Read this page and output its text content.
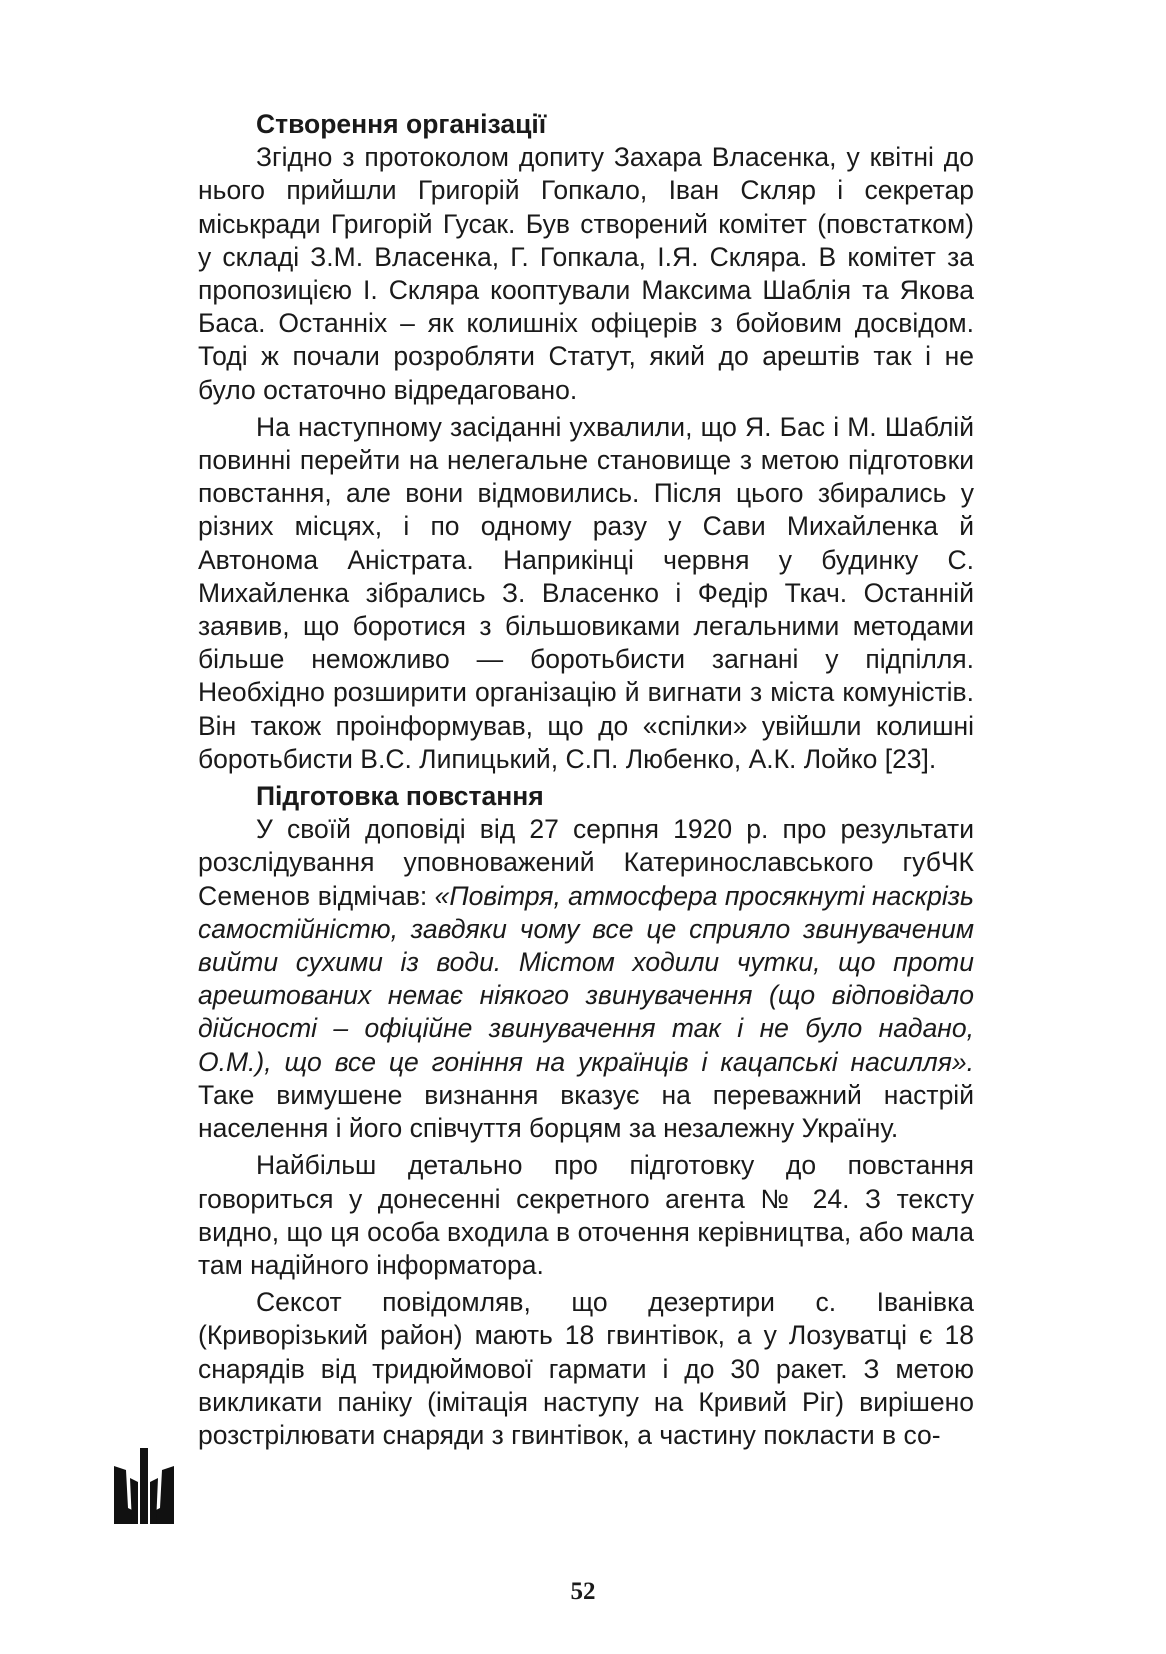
Створення організації

Згідно з протоколом допиту Захара Власенка, у квітні до нього прийшли Григорій Гопкало, Іван Скляр і секретар міськради Григорій Гусак. Був створений комітет (повстатком) у складі З.М. Власенка, Г. Гопкала, І.Я. Скляра. В комітет за пропозицією І. Скляра кооптували Максима Шаблія та Якова Баса. Останніх – як колишніх офіцерів з бойовим досвідом. Тоді ж почали розробляти Статут, який до арештів так і не було остаточно відредаговано.

На наступному засіданні ухвалили, що Я. Бас і М. Шаблій повинні перейти на нелегальне становище з метою підготовки повстання, але вони відмовились. Після цього збирались у різних місцях, і по одному разу у Сави Михайленка й Автонома Аністрата. Наприкінці червня у будинку С. Михайленка зібрались З. Власенко і Федір Ткач. Останній заявив, що боротися з більшовиками легальними методами більше неможливо — боротьбисти загнані у підпілля. Необхідно розширити організацію й вигнати з міста комуністів. Він також проінформував, що до «спілки» увійшли колишні боротьбисти В.С. Липицький, С.П. Любенко, А.К. Лойко [23].

Підготовка повстання

У своїй доповіді від 27 серпня 1920 р. про результати розслідування уповноважений Катеринославського губЧК Семенов відмічав: «Повітря, атмосфера просякнуті наскрізь самостійністю, завдяки чому все це сприяло звинуваченим вийти сухими із води. Містом ходили чутки, що проти арештованих немає ніякого звинувачення (що відповідало дійсності – офіційне звинувачення так і не було надано, О.М.), що все це гоніння на українців і кацапські насилля». Таке вимушене визнання вказує на переважний настрій населення і його співчуття борцям за незалежну Україну.

Найбільш детально про підготовку до повстання говориться у донесенні секретного агента № 24. З тексту видно, що ця особа входила в оточення керівництва, або мала там надійного інформатора.

Сексот повідомляв, що дезертири с. Іванівка (Криворізький район) мають 18 гвинтівок, а у Лозуватці є 18 снарядів від тридюймової гармати і до 30 ракет. З метою викликати паніку (імітація наступу на Кривий Ріг) вирішено розстрілювати снаряди з гвинтівок, а частину покласти в со-

52
